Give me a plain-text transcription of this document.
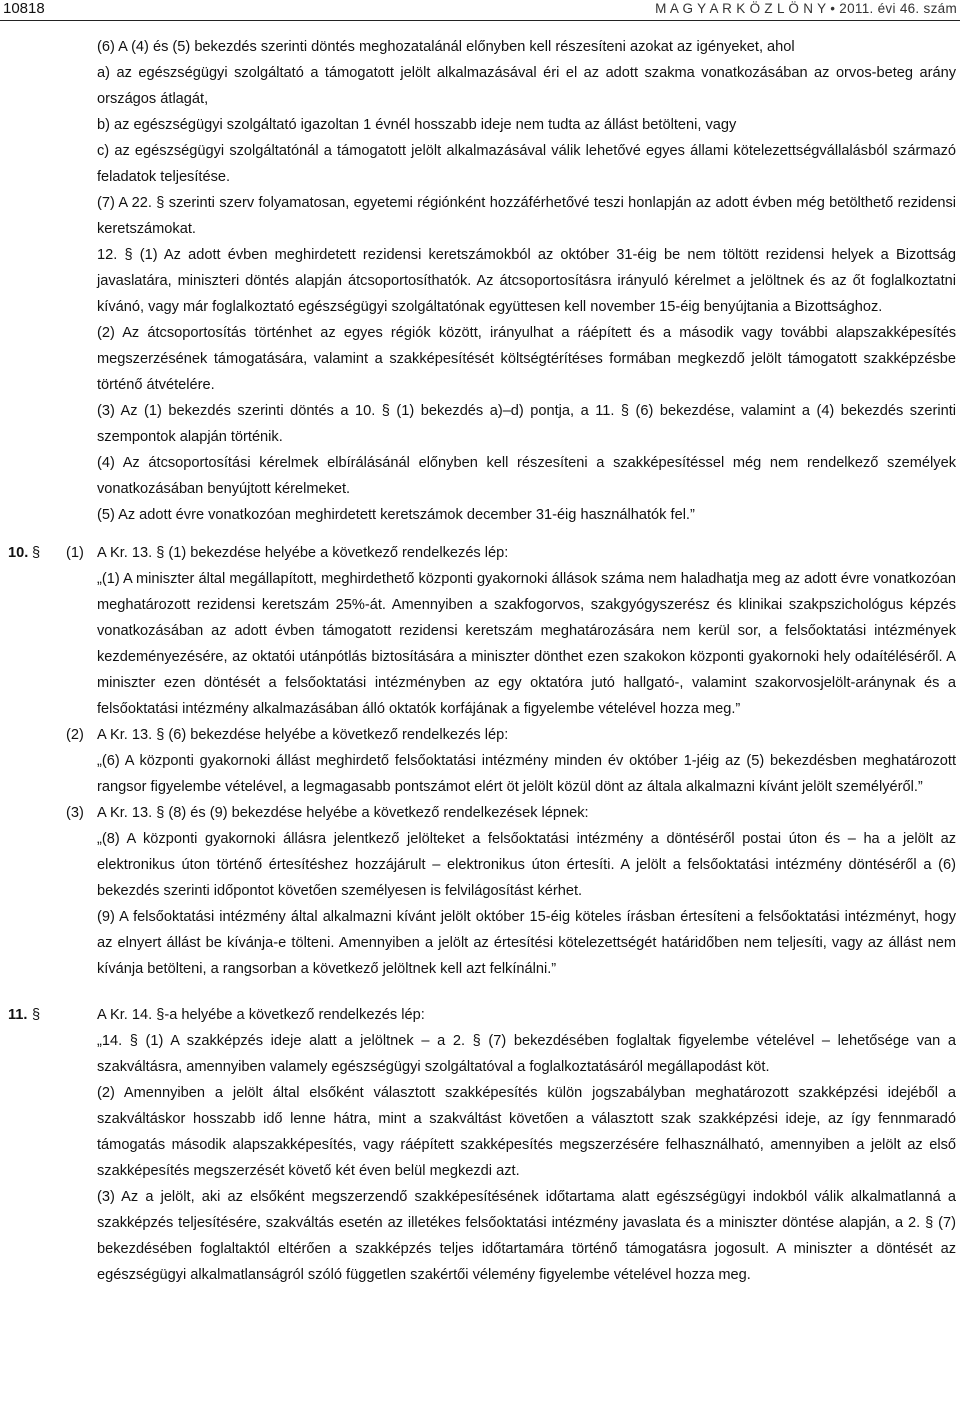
10818	M A G Y A R K Ö Z L Ö N Y • 2011. évi 46. szám

(6) A (4) és (5) bekezdés szerinti döntés meghozatalánál előnyben kell részesíteni azokat az igényeket, ahol

a) az egészségügyi szolgáltató a támogatott jelölt alkalmazásával éri el az adott szakma vonatkozásában az orvos-beteg arány országos átlagát,

b) az egészségügyi szolgáltató igazoltan 1 évnél hosszabb ideje nem tudta az állást betölteni, vagy

c) az egészségügyi szolgáltatónál a támogatott jelölt alkalmazásával válik lehetővé egyes állami kötelezettségvállalásból származó feladatok teljesítése.

(7) A 22. § szerinti szerv folyamatosan, egyetemi régiónként hozzáférhetővé teszi honlapján az adott évben még betölthető rezidensi keretszámokat.

12. § (1) Az adott évben meghirdetett rezidensi keretszámokból az október 31-éig be nem töltött rezidensi helyek a Bizottság javaslatára, miniszteri döntés alapján átcsoportosíthatók. Az átcsoportosításra irányuló kérelmet a jelöltnek és az őt foglalkoztatni kívánó, vagy már foglalkoztató egészségügyi szolgáltatónak együttesen kell november 15-éig benyújtania a Bizottsághoz.

(2) Az átcsoportosítás történhet az egyes régiók között, irányulhat a ráépített és a második vagy további alapszakképesítés megszerzésének támogatására, valamint a szakképesítését költségtérítéses formában megkezdő jelölt támogatott szakképzésbe történő átvételére.

(3) Az (1) bekezdés szerinti döntés a 10. § (1) bekezdés a)–d) pontja, a 11. § (6) bekezdése, valamint a (4) bekezdés szerinti szempontok alapján történik.

(4) Az átcsoportosítási kérelmek elbírálásánál előnyben kell részesíteni a szakképesítéssel még nem rendelkező személyek vonatkozásában benyújtott kérelmeket.

(5) Az adott évre vonatkozóan meghirdetett keretszámok december 31-éig használhatók fel.”

10. § (1) A Kr. 13. § (1) bekezdése helyébe a következő rendelkezés lép:

„(1) A miniszter által megállapított, meghirdethető központi gyakornoki állások száma nem haladhatja meg az adott évre vonatkozóan meghatározott rezidensi keretszám 25%-át. Amennyiben a szakfogorvos, szakgyógyszerész és klinikai szakpszichológus képzés vonatkozásában az adott évben támogatott rezidensi keretszám meghatározására nem kerül sor, a felsőoktatási intézmények kezdeményezésére, az oktatói utánpótlás biztosítására a miniszter dönthet ezen szakokon központi gyakornoki hely odaítéléséről. A miniszter ezen döntését a felsőoktatási intézményben az egy oktatóra jutó hallgató-, valamint szakorvosjelölt-aránynak és a felsőoktatási intézmény alkalmazásában álló oktatók korfájának a figyelembe vételével hozza meg.”

(2) A Kr. 13. § (6) bekezdése helyébe a következő rendelkezés lép:

„(6) A központi gyakornoki állást meghirdető felsőoktatási intézmény minden év október 1-jéig az (5) bekezdésben meghatározott rangsor figyelembe vételével, a legmagasabb pontszámot elért öt jelölt közül dönt az általa alkalmazni kívánt jelölt személyéről.”

(3) A Kr. 13. § (8) és (9) bekezdése helyébe a következő rendelkezések lépnek:

„(8) A központi gyakornoki állásra jelentkező jelölteket a felsőoktatási intézmény a döntéséről postai úton és – ha a jelölt az elektronikus úton történő értesítéshez hozzájárult – elektronikus úton értesíti. A jelölt a felsőoktatási intézmény döntéséről a (6) bekezdés szerinti időpontot követően személyesen is felvilágosítást kérhet.

(9) A felsőoktatási intézmény által alkalmazni kívánt jelölt október 15-éig köteles írásban értesíteni a felsőoktatási intézményt, hogy az elnyert állást be kívánja-e tölteni. Amennyiben a jelölt az értesítési kötelezettségét határidőben nem teljesíti, vagy az állást nem kívánja betölteni, a rangsorban a következő jelöltnek kell azt felkínálni.”

11. §	A Kr. 14. §-a helyébe a következő rendelkezés lép:

„14. § (1) A szakképzés ideje alatt a jelöltnek – a 2. § (7) bekezdésében foglaltak figyelembe vételével – lehetősége van a szakváltásra, amennyiben valamely egészségügyi szolgáltatóval a foglalkoztatásáról megállapodást köt.

(2) Amennyiben a jelölt által elsőként választott szakképesítés külön jogszabályban meghatározott szakképzési idejéből a szakváltáskor hosszabb idő lenne hátra, mint a szakváltást követően a választott szak szakképzési ideje, az így fennmaradó támogatás második alapszakképesítés, vagy ráépített szakképesítés megszerzésére felhasználható, amennyiben a jelölt az első szakképesítés megszerzését követő két éven belül megkezdi azt.

(3) Az a jelölt, aki az elsőként megszerzendő szakképesítésének időtartama alatt egészségügyi indokból válik alkalmatlanná a szakképzés teljesítésére, szakváltás esetén az illetékes felsőoktatási intézmény javaslata és a miniszter döntése alapján, a 2. § (7) bekezdésében foglaltaktól eltérően a szakképzés teljes időtartamára történő támogatásra jogosult. A miniszter a döntését az egészségügyi alkalmatlanságról szóló független szakértői vélemény figyelembe vételével hozza meg.
